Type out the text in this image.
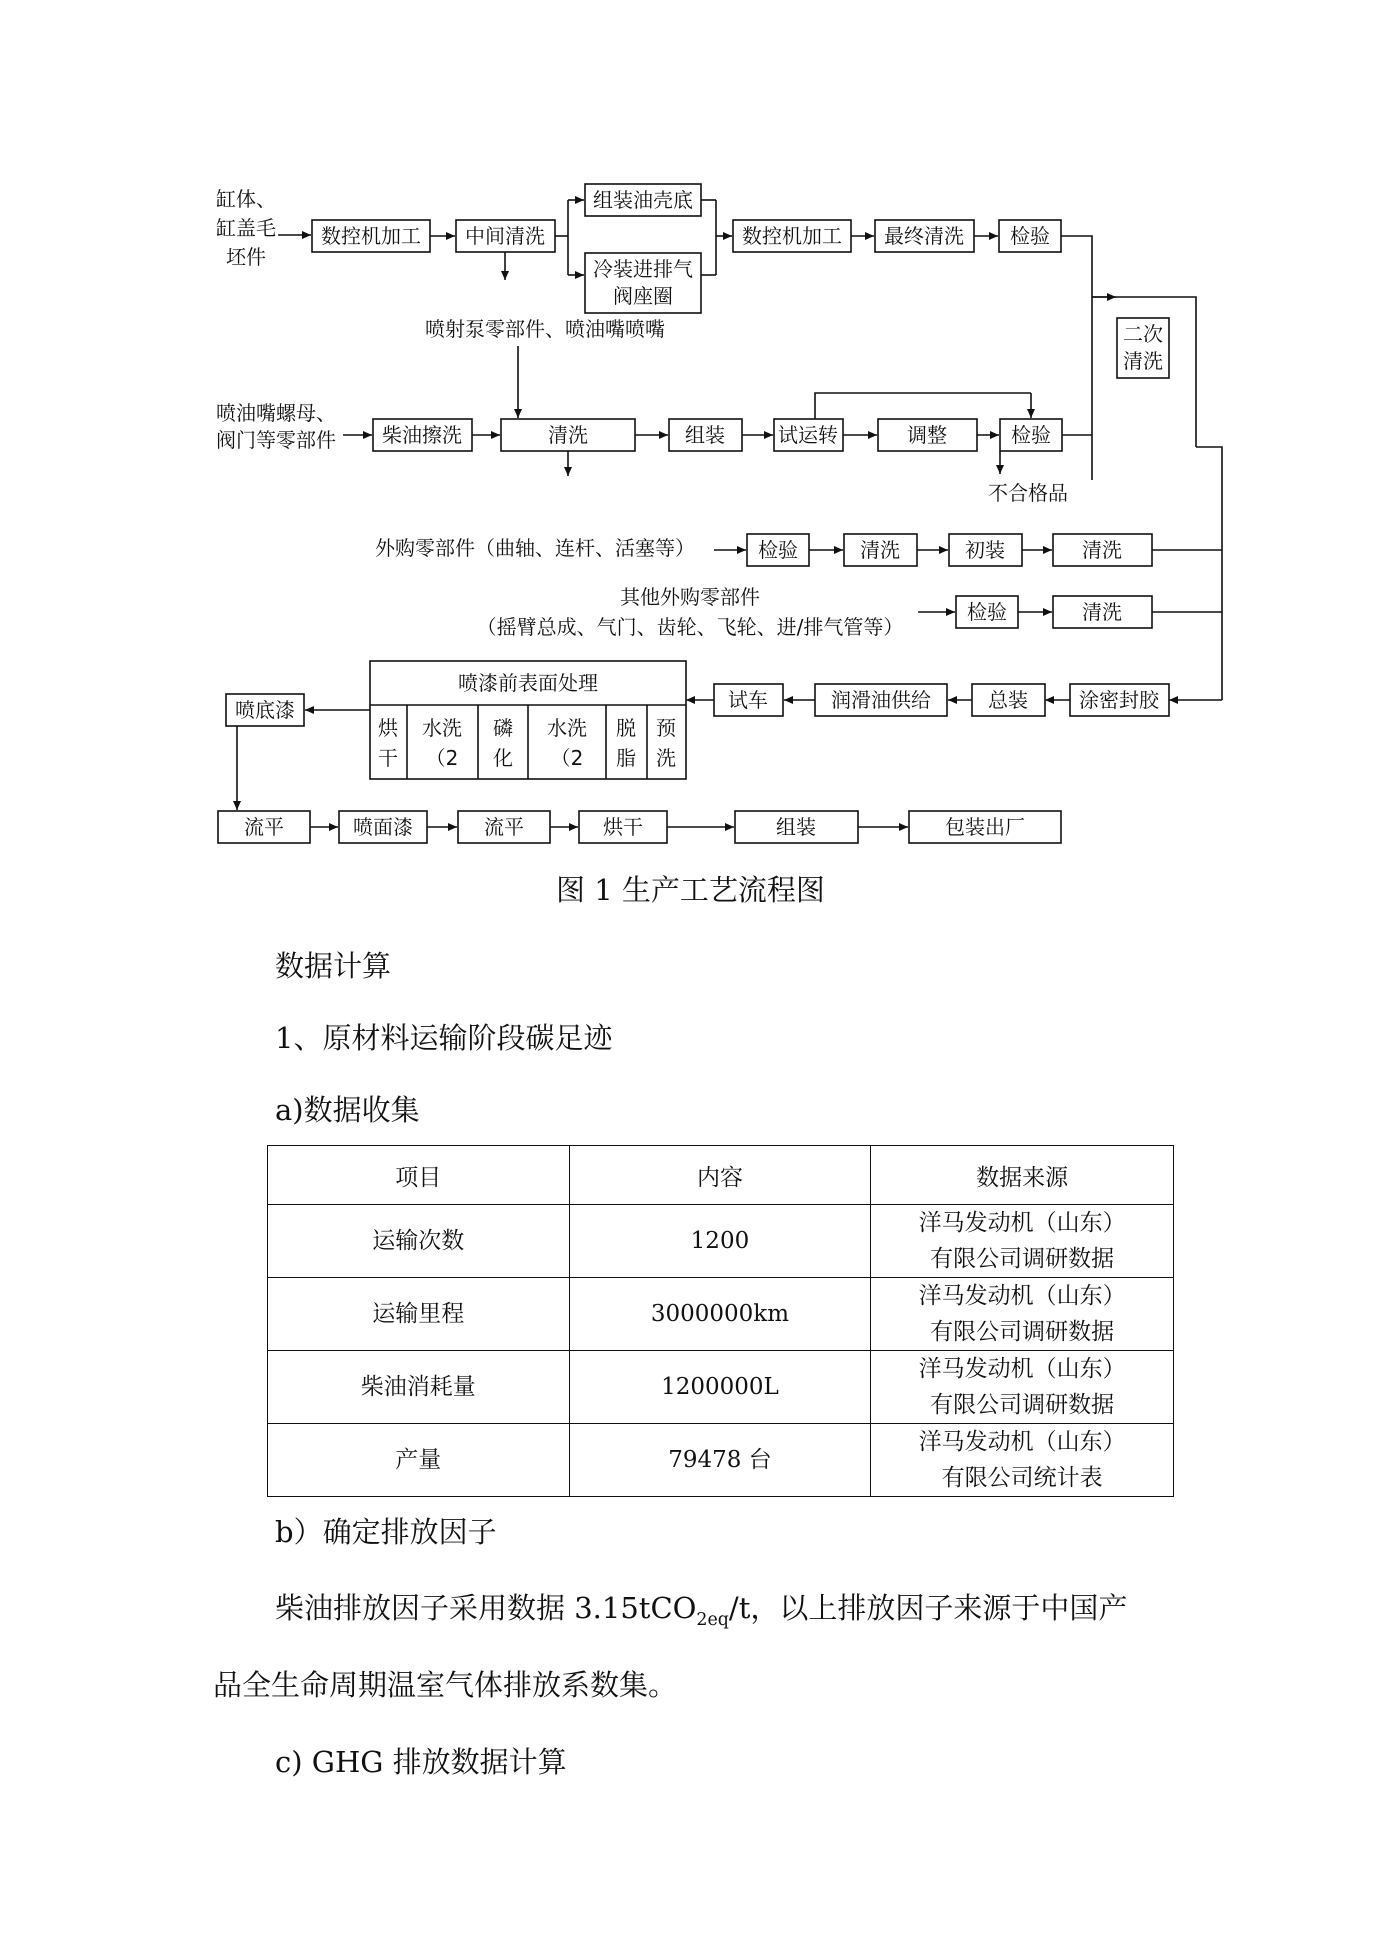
缸体、
缸盖毛
坯件
数控机加工 中间清洗
组装油壳底
冷装进排气
阀座圈
数控机加工 最终清洗 检验
二次
清洗
喷射泵零部件、喷油嘴喷嘴
喷油嘴螺母、
阀门等零部件 柴油擦洗	清洗	组装	试运转	调整	检验
不合格品
外购零部件（曲轴、连杆、活塞等）	检验	清洗	初装	清洗
其他外购零部件
（摇臂总成、气门、齿轮、飞轮、进/排气管等）
检验	清洗
涂密封胶
总装
润滑油供给
试车
喷漆前表面处理
烘
干
水洗
（2
磷
化
水洗
（2
脱
脂
预
洗
喷底漆
流平	喷面漆	流平	烘干	组装	包装出厂
图 1 生产工艺流程图
数据计算
1、原材料运输阶段碳足迹
a)数据收集
项目	内容	数据来源
运输次数	1200	洋马发动机（山东）
有限公司调研数据

运输里程	3000000km	洋马发动机（山东）
有限公司调研数据

柴油消耗量	1200000L	洋马发动机（山东）
有限公司调研数据

产量	79478 台	洋马发动机（山东）
有限公司统计表
b）确定排放因子
柴油排放因子采用数据 3.15tCO$_{2eq}$/t，以上排放因子来源于中国产
品全生命周期温室气体排放系数集。
c) GHG 排放数据计算
